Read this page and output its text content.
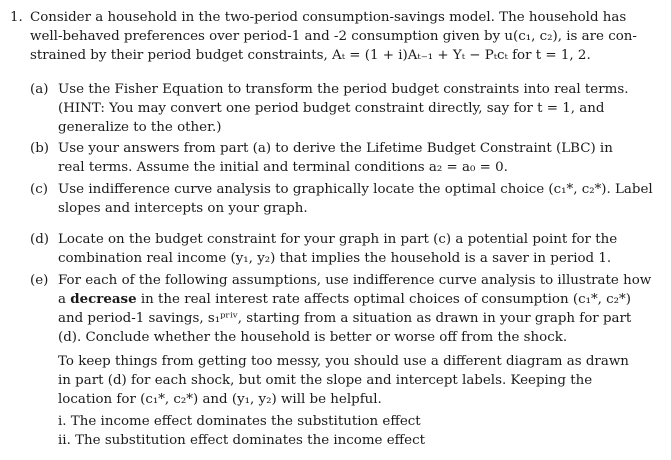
1. Consider a household in the two-period consumption-savings model. The household has
well-behaved preferences over period-1 and -2 consumption given by u(c₁, c₂), is are con-
strained by their period budget constraints, Aₜ = (1 + i)Aₜ₋₁ + Yₜ − Pₜcₜ for t = 1, 2.
(a) Use the Fisher Equation to transform the period budget constraints into real terms.
(HINT: You may convert one period budget constraint directly, say for t = 1, and
generalize to the other.)
(b) Use your answers from part (a) to derive the Lifetime Budget Constraint (LBC) in
real terms. Assume the initial and terminal conditions a₂ = a₀ = 0.
(c) Use indifference curve analysis to graphically locate the optimal choice (c₁*, c₂*). Label
slopes and intercepts on your graph.
(d) Locate on the budget constraint for your graph in part (c) a potential point for the
combination real income (y₁, y₂) that implies the household is a saver in period 1.
(e) For each of the following assumptions, use indifference curve analysis to illustrate how
a decrease in the real interest rate affects optimal choices of consumption (c₁*, c₂*)
and period-1 savings, s₁ᵖʳⁱᵛ, starting from a situation as drawn in your graph for part
(d). Conclude whether the household is better or worse off from the shock.
To keep things from getting too messy, you should use a different diagram as drawn
in part (d) for each shock, but omit the slope and intercept labels. Keeping the
location for (c₁*, c₂*) and (y₁, y₂) will be helpful.
i. The income effect dominates the substitution effect
ii. The substitution effect dominates the income effect
